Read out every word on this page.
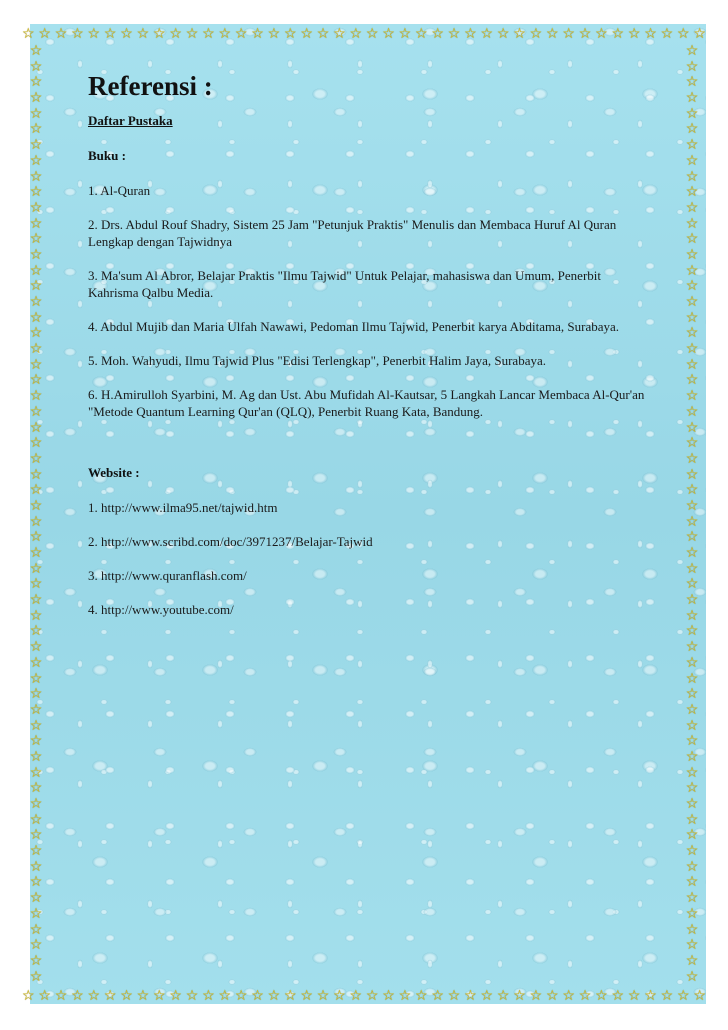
☆ ☆ ☆ ☆ ☆ ☆ ☆ ☆ ☆ ☆ ☆ ☆ ☆ ☆ ☆ ☆ ☆ ☆ ☆ ☆ ☆ ☆ ☆ ☆ ☆ ☆ ☆ ☆ ☆ ☆ ☆ ☆ ☆ ☆ ☆ ☆ ☆ ☆ ☆ ☆ ☆ ☆
☆ ☆ ☆ ☆ ☆ ☆ ☆ ☆ ☆ ☆ ☆ ☆ ☆ ☆ ☆ ☆ ☆ ☆ ☆ ☆ ☆ ☆ ☆ ☆ ☆ ☆ ☆ ☆ ☆ ☆ ☆ ☆ ☆ ☆ ☆ ☆ ☆ ☆ ☆ ☆ ☆ ☆
☆
☆
☆
☆
☆
☆
☆
☆
☆
☆
☆
☆
☆
☆
☆
☆
☆
☆
☆
☆
☆
☆
☆
☆
☆
☆
☆
☆
☆
☆
☆
☆
☆
☆
☆
☆
☆
☆
☆
☆
☆
☆
☆
☆
☆
☆
☆
☆
☆
☆
☆
☆
☆
☆
☆
☆
☆
☆
☆
☆
☆
☆
☆
☆
☆
☆
☆
☆
☆
☆
☆
☆
☆
☆
☆
☆
☆
☆
☆
☆
☆
☆
☆
☆
☆
☆
☆
☆
☆
☆
☆
☆
☆
☆
☆
☆
☆
☆
☆
☆
☆
☆
☆
☆
☆
☆
☆
☆
☆
☆
☆
☆
☆
☆
☆
☆
☆
☆
☆
☆
Referensi :
Daftar Pustaka
Buku :

1. Al-Quran

2. Drs. Abdul Rouf Shadry, Sistem 25 Jam "Petunjuk Praktis" Menulis dan Membaca Huruf Al Quran Lengkap dengan Tajwidnya

3. Ma'sum Al Abror, Belajar Praktis "Ilmu Tajwid" Untuk Pelajar, mahasiswa dan Umum, Penerbit Kahrisma Qalbu Media.

4. Abdul Mujib dan Maria Ulfah Nawawi, Pedoman Ilmu Tajwid, Penerbit karya Abditama, Surabaya.

5. Moh. Wahyudi, Ilmu Tajwid Plus "Edisi Terlengkap", Penerbit Halim Jaya, Surabaya.

6. H.Amirulloh Syarbini, M. Ag dan Ust. Abu Mufidah Al-Kautsar, 5 Langkah Lancar Membaca Al-Qur'an "Metode Quantum Learning Qur'an (QLQ), Penerbit Ruang Kata, Bandung.

Website :

1. http://www.ilma95.net/tajwid.htm

2. http://www.scribd.com/doc/3971237/Belajar-Tajwid

3. http://www.quranflash.com/

4. http://www.youtube.com/
